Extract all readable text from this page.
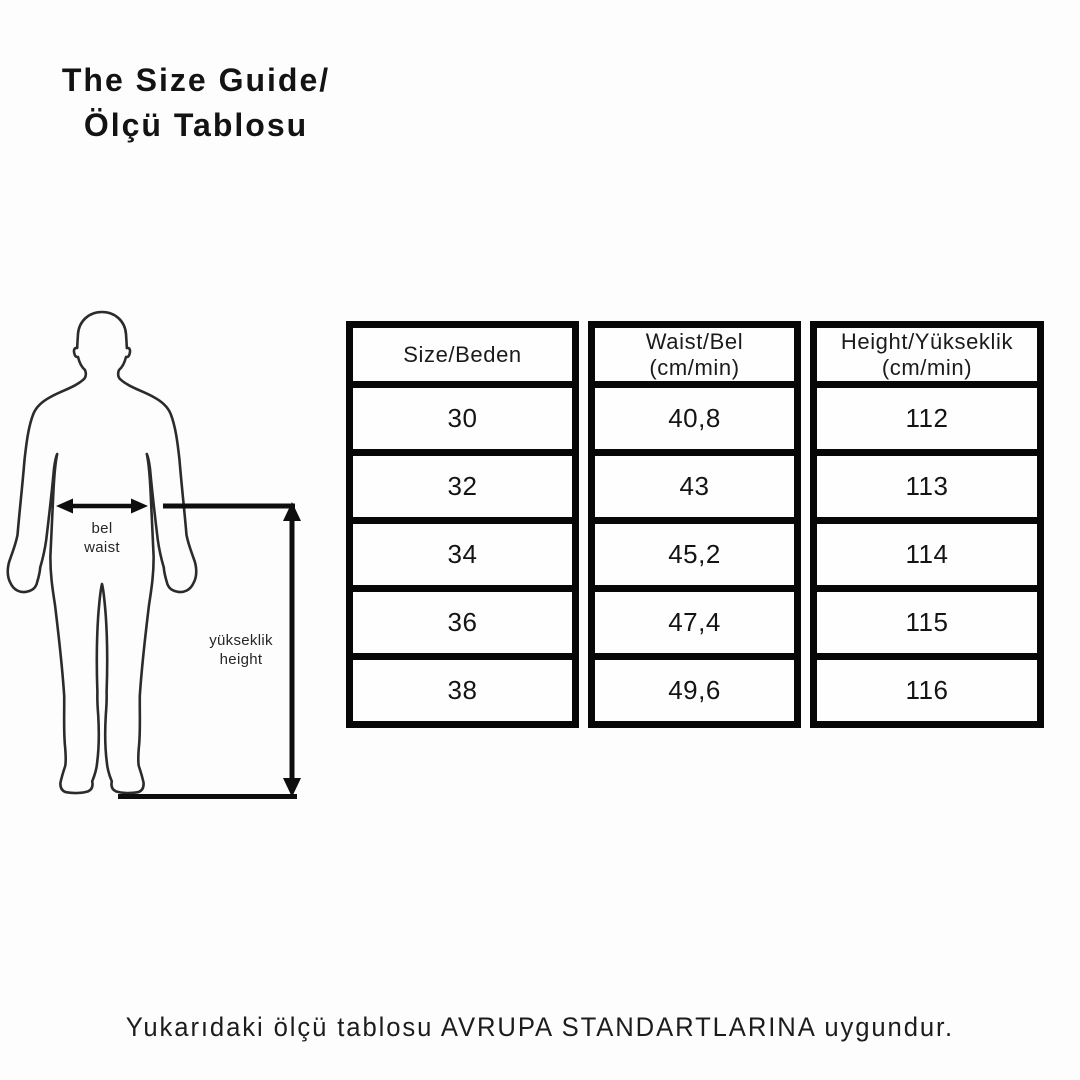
The Size Guide/
Ölçü Tablosu
bel
waist
yükseklik
height
Size/Beden
30
32
34
36
38
Waist/Bel
(cm/min)
40,8
43
45,2
47,4
49,6
Height/Yükseklik
(cm/min)
112
113
114
115
116
Yukarıdaki ölçü tablosu AVRUPA STANDARTLARINA uygundur.
